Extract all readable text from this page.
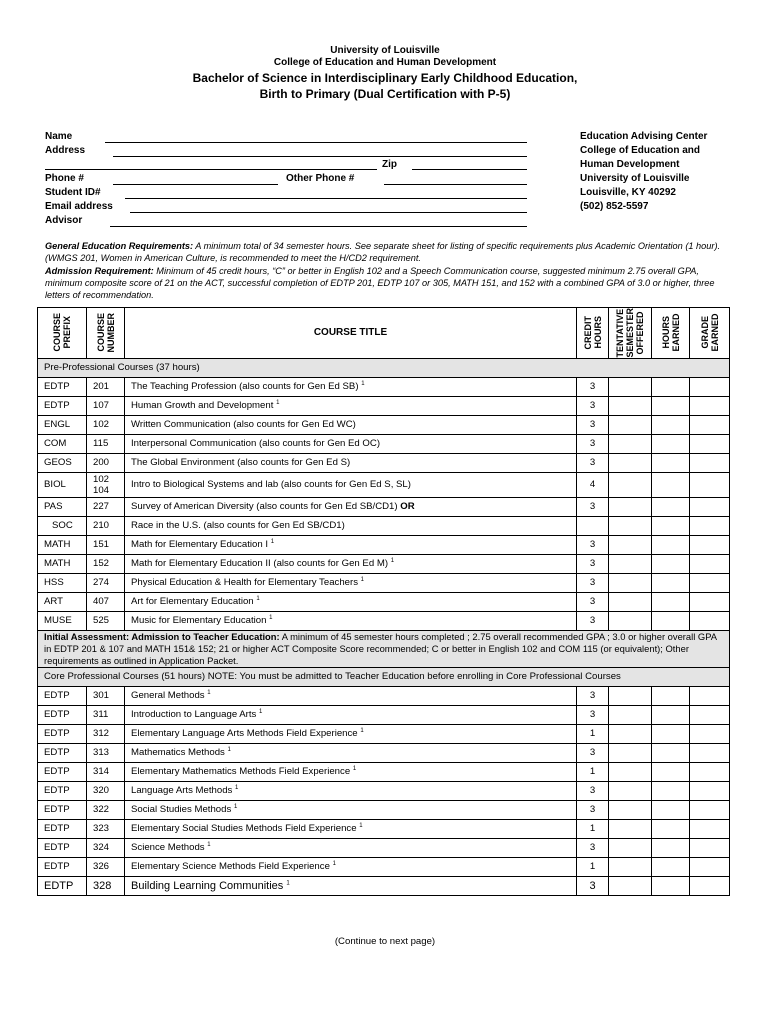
University of Louisville
College of Education and Human Development
Bachelor of Science in Interdisciplinary Early Childhood Education,
Birth to Primary (Dual Certification with P-5)
Name
Address
Zip
Phone #	Other Phone #
Student ID#
Email address
Advisor
Education Advising Center
College of Education and
Human Development
University of Louisville
Louisville, KY 40292
(502) 852-5597
General Education Requirements: A minimum total of 34 semester hours. See separate sheet for listing of specific requirements plus Academic Orientation (1 hour). (WMGS 201, Women in American Culture, is recommended to meet the H/CD2 requirement.
Admission Requirement: Minimum of 45 credit hours, “C” or better in English 102 and a Speech Communication course, suggested minimum 2.75 overall GPA, minimum composite score of 21 on the ACT, successful completion of EDTP 201, EDTP 107 or 305, MATH 151, and 152 with a combined GPA of 3.0 or higher, three letters of recommendation.
COURSE PREFIX	COURSE NUMBER	COURSE TITLE	CREDIT HOURS	TENTATIVE SEMESTER OFFERED	HOURS EARNED	GRADE EARNED

Pre-Professional Courses (37 hours)						
EDTP	201	The Teaching Profession (also counts for Gen Ed SB) $^1$	3			
EDTP	107	Human Growth and Development $^1$	3			
ENGL	102	Written Communication (also counts for Gen Ed WC)	3			
COM	115	Interpersonal Communication (also counts for Gen Ed OC)	3			
GEOS	200	The Global Environment (also counts for Gen Ed S)	3			
BIOL	102 104	Intro to Biological Systems and lab (also counts for Gen Ed S, SL)	4			
PAS	227	Survey of American Diversity (also counts for Gen Ed SB/CD1) OR	3			
SOC	210	Race in the U.S. (also counts for Gen Ed SB/CD1)				
MATH	151	Math for Elementary Education I $^1$	3			
MATH	152	Math for Elementary Education II (also counts for Gen Ed M) $^1$	3			
HSS	274	Physical Education & Health for Elementary Teachers $^1$	3			
ART	407	Art for Elementary Education $^1$	3			
MUSE	525	Music for Elementary Education $^1$	3			
Initial Assessment: Admission to Teacher Education: A minimum of 45 semester hours completed ; 2.75 overall recommended GPA ; 3.0 or higher overall GPA in EDTP 201 & 107 and MATH 151& 152; 21 or higher ACT Composite Score recommended; C or better in English 102 and COM 115 (or equivalent); Other requirements as outlined in Application Packet.						
Core Professional Courses (51 hours) NOTE: You must be admitted to Teacher Education before enrolling in Core Professional Courses						
EDTP	301	General Methods $^1$	3			
EDTP	311	Introduction to Language Arts $^1$	3			
EDTP	312	Elementary Language Arts Methods Field Experience $^1$	1			
EDTP	313	Mathematics Methods $^1$	3			
EDTP	314	Elementary Mathematics Methods Field Experience $^1$	1			
EDTP	320	Language Arts Methods $^1$	3			
EDTP	322	Social Studies Methods $^1$	3			
EDTP	323	Elementary Social Studies Methods Field Experience $^1$	1			
EDTP	324	Science Methods $^1$	3			
EDTP	326	Elementary Science Methods Field Experience $^1$	1			
EDTP	328	Building Learning Communities $^1$	3			
(Continue to next page)
